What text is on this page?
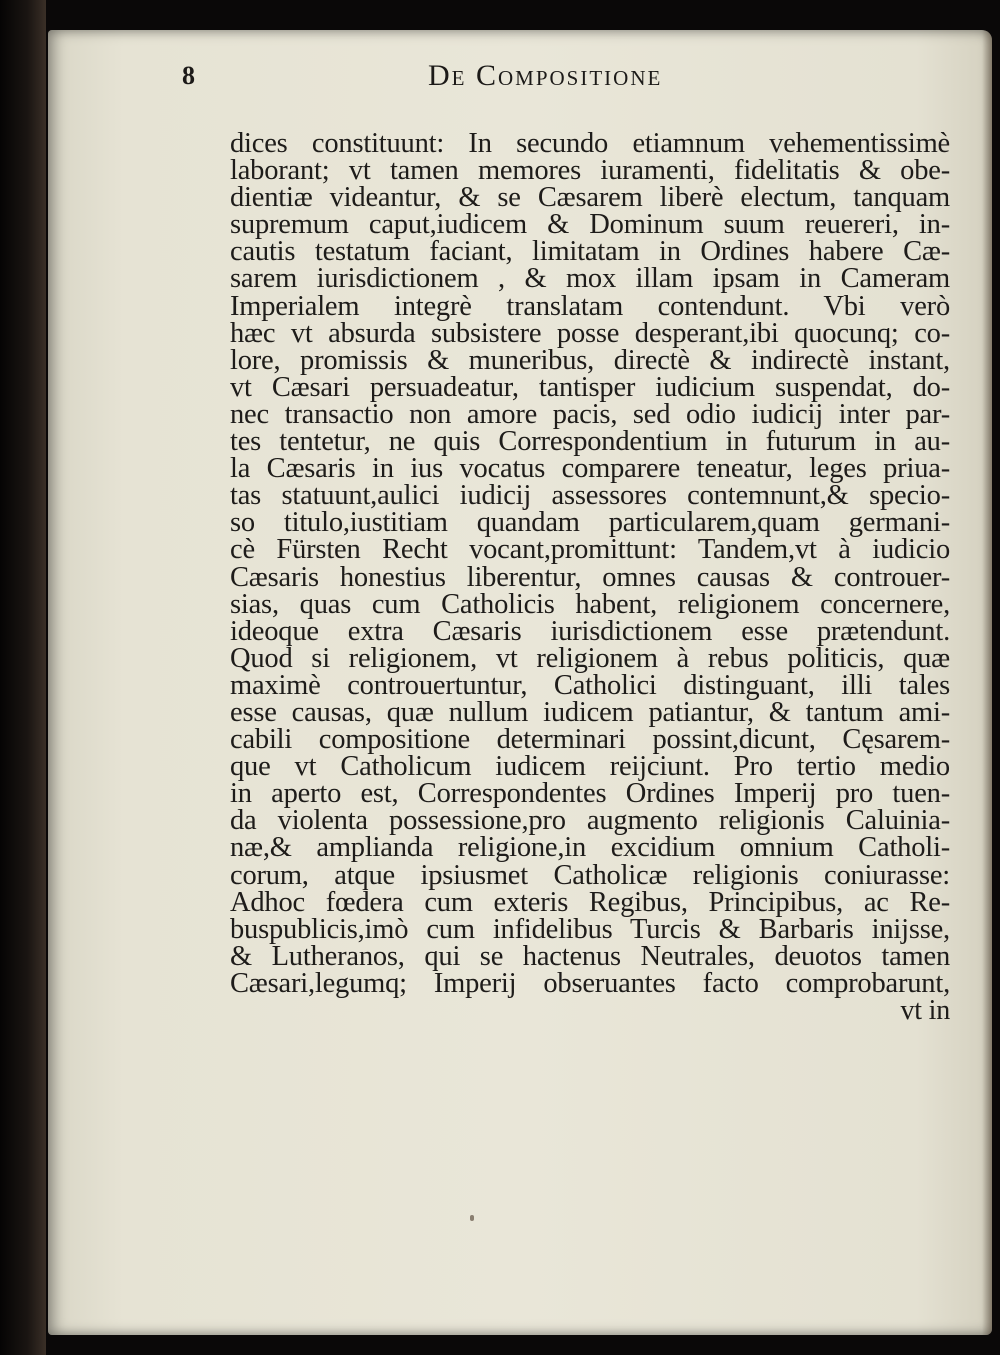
8	De Compositione
dices constituunt: In secundo etiamnum vehementissimè
laborant; vt tamen memores iuramenti, fidelitatis & obe-
dientiæ videantur, & se Cæsarem liberè electum, tanquam
supremum caput,iudicem & Dominum suum reuereri, in-
cautis testatum faciant, limitatam in Ordines habere Cæ-
sarem iurisdictionem , & mox illam ipsam in Cameram
Imperialem integrè translatam contendunt. Vbi verò
hæc vt absurda subsistere posse desperant,ibi quocunq; co-
lore, promissis & muneribus, directè & indirectè instant,
vt Cæsari persuadeatur, tantisper iudicium suspendat, do-
nec transactio non amore pacis, sed odio iudicij inter par-
tes tentetur, ne quis Correspondentium in futurum in au-
la Cæsaris in ius vocatus comparere teneatur, leges priua-
tas statuunt,aulici iudicij assessores contemnunt,& specio-
so titulo,iustitiam quandam particularem,quam germani-
cè Fürsten Recht vocant,promittunt: Tandem,vt à iudicio
Cæsaris honestius liberentur, omnes causas & controuer-
sias, quas cum Catholicis habent, religionem concernere,
ideoque extra Cæsaris iurisdictionem esse prætendunt.
Quod si religionem, vt religionem à rebus politicis, quæ
maximè controuertuntur, Catholici distinguant, illi tales
esse causas, quæ nullum iudicem patiantur, & tantum ami-
cabili compositione determinari possint,dicunt, Cęsarem-
que vt Catholicum iudicem reijciunt. Pro tertio medio
in aperto est, Correspondentes Ordines Imperij pro tuen-
da violenta possessione,pro augmento religionis Caluinia-
næ,& amplianda religione,in excidium omnium Catholi-
corum, atque ipsiusmet Catholicæ religionis coniurasse:
Adhoc fœdera cum exteris Regibus, Principibus, ac Re-
buspublicis,imò cum infidelibus Turcis & Barbaris inijsse,
& Lutheranos, qui se hactenus Neutrales, deuotos tamen
Cæsari,legumq; Imperij obseruantes facto comprobarunt,
vt in
